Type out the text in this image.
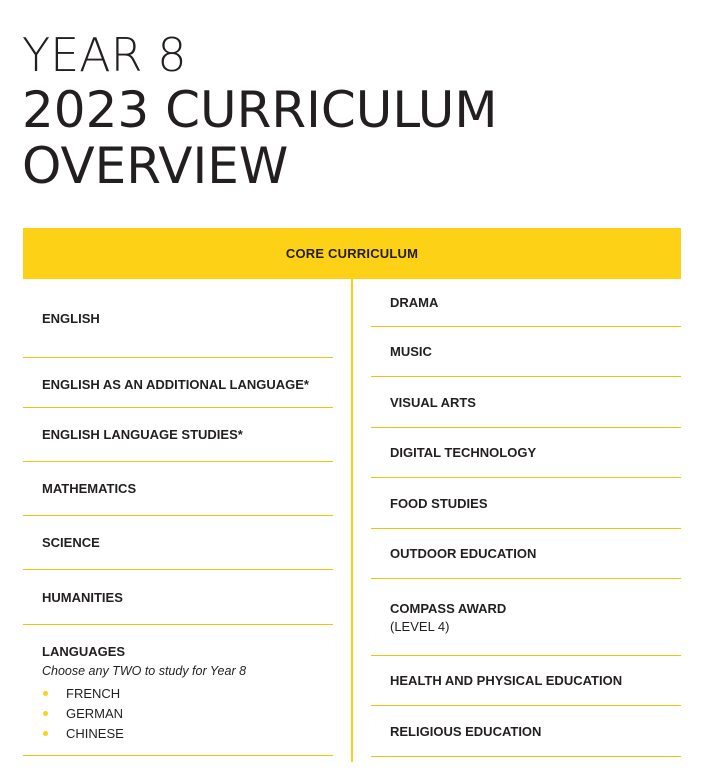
YEAR 8
2023 CURRICULUM
OVERVIEW
CORE CURRICULUM
ENGLISH
ENGLISH AS AN ADDITIONAL LANGUAGE*
ENGLISH LANGUAGE STUDIES*
MATHEMATICS
SCIENCE
HUMANITIES
LANGUAGES
Choose any TWO to study for Year 8
FRENCH
GERMAN
CHINESE
DRAMA
MUSIC
VISUAL ARTS
DIGITAL TECHNOLOGY
FOOD STUDIES
OUTDOOR EDUCATION
COMPASS AWARD
(LEVEL 4)
HEALTH AND PHYSICAL EDUCATION
RELIGIOUS EDUCATION
